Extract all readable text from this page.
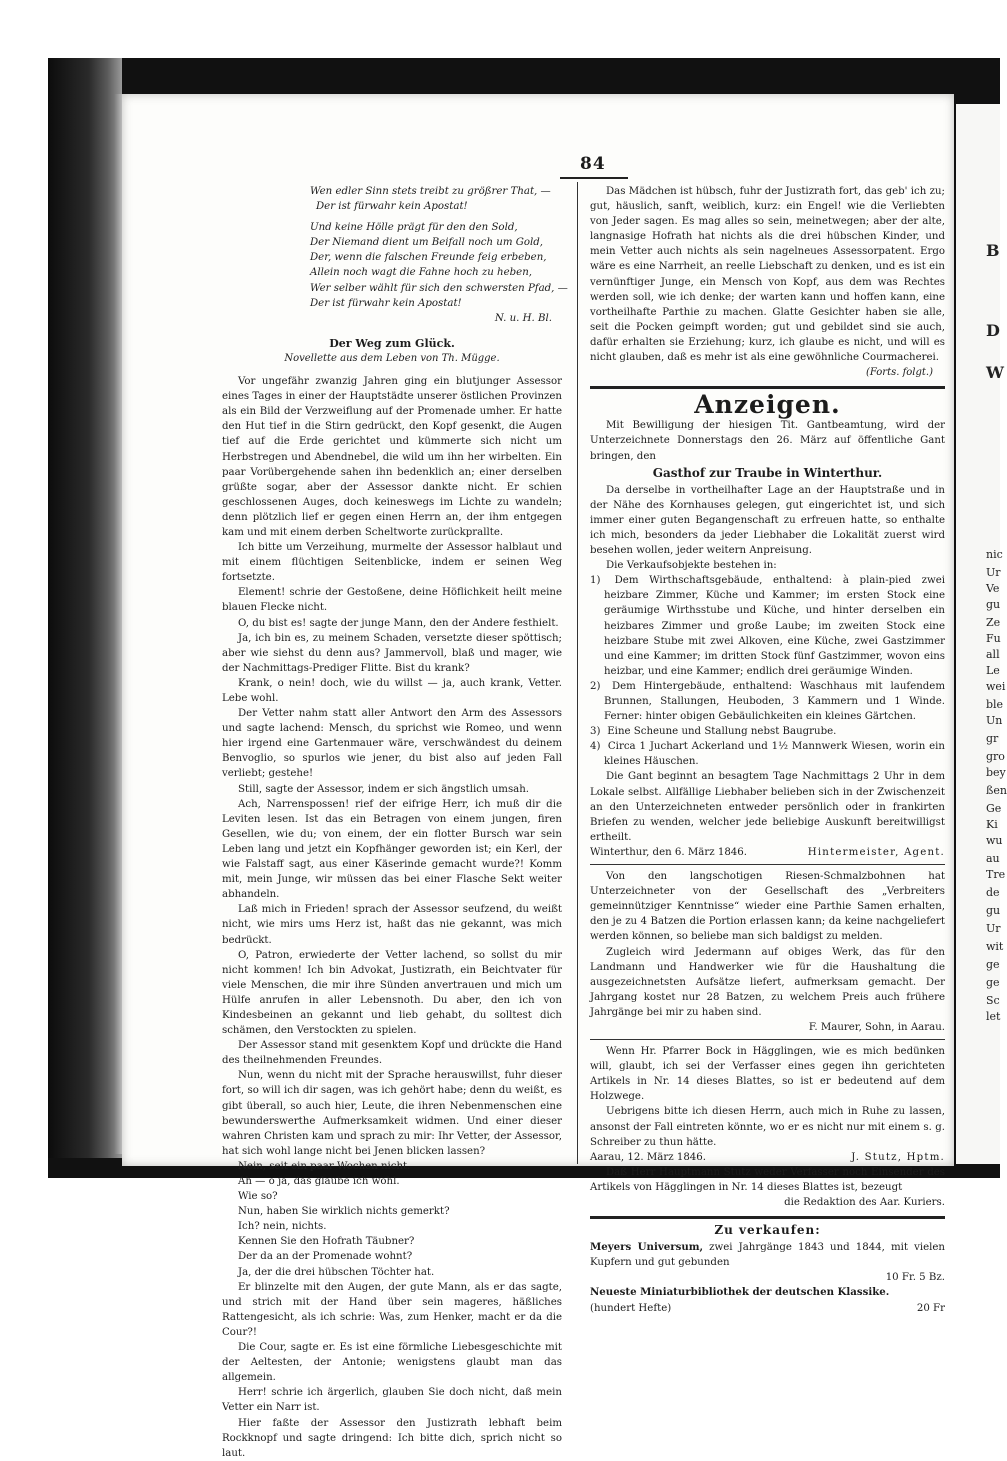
B
D
W
nic
Ur
Ve
gu
Ze
Fu
all
Le
wei
ble
Un
gr
gro
bey
ßen
Ge
Ki
wu
au
Tre
de
gu
Ur
wit
ge
ge
Sc
let
84
Wen edler Sinn stets treibt zu größrer That, —
Der ist fürwahr kein Apostat!
Und keine Hölle prägt für den den Sold,
Der Niemand dient um Beifall noch um Gold,
Der, wenn die falschen Freunde feig erbeben,
Allein noch wagt die Fahne hoch zu heben,
Wer selber wählt für sich den schwersten Pfad, —
Der ist fürwahr kein Apostat!
N. u. H. Bl.
Der Weg zum Glück.
Novellette aus dem Leben von Th. Mügge.

Vor ungefähr zwanzig Jahren ging ein blutjunger Assessor eines Tages in einer der Hauptstädte unserer östlichen Provinzen als ein Bild der Verzweiflung auf der Promenade umher. Er hatte den Hut tief in die Stirn gedrückt, den Kopf gesenkt, die Augen tief auf die Erde gerichtet und kümmerte sich nicht um Herbstregen und Abendnebel, die wild um ihn her wirbelten. Ein paar Vorübergehende sahen ihn bedenklich an; einer derselben grüßte sogar, aber der Assessor dankte nicht. Er schien geschlossenen Auges, doch keineswegs im Lichte zu wandeln; denn plötzlich lief er gegen einen Herrn an, der ihm entgegen kam und mit einem derben Scheltworte zurückprallte.

Ich bitte um Verzeihung, murmelte der Assessor halblaut und mit einem flüchtigen Seitenblicke, indem er seinen Weg fortsetzte.

Element! schrie der Gestoßene, deine Höflichkeit heilt meine blauen Flecke nicht.

O, du bist es! sagte der junge Mann, den der Andere festhielt.

Ja, ich bin es, zu meinem Schaden, versetzte dieser spöttisch; aber wie siehst du denn aus? Jammervoll, blaß und mager, wie der Nachmittags-Prediger Flitte. Bist du krank?

Krank, o nein! doch, wie du willst — ja, auch krank, Vetter. Lebe wohl.

Der Vetter nahm statt aller Antwort den Arm des Assessors und sagte lachend: Mensch, du sprichst wie Romeo, und wenn hier irgend eine Gartenmauer wäre, verschwändest du deinem Benvoglio, so spurlos wie jener, du bist also auf jeden Fall verliebt; gestehe!

Still, sagte der Assessor, indem er sich ängstlich umsah.

Ach, Narrenspossen! rief der eifrige Herr, ich muß dir die Leviten lesen. Ist das ein Betragen von einem jungen, firen Gesellen, wie du; von einem, der ein flotter Bursch war sein Leben lang und jetzt ein Kopfhänger geworden ist; ein Kerl, der wie Falstaff sagt, aus einer Käserinde gemacht wurde?! Komm mit, mein Junge, wir müssen das bei einer Flasche Sekt weiter abhandeln.

Laß mich in Frieden! sprach der Assessor seufzend, du weißt nicht, wie mirs ums Herz ist, haßt das nie gekannt, was mich bedrückt.

O, Patron, erwiederte der Vetter lachend, so sollst du mir nicht kommen! Ich bin Advokat, Justizrath, ein Beichtvater für viele Menschen, die mir ihre Sünden anvertrauen und mich um Hülfe anrufen in aller Lebensnoth. Du aber, den ich von Kindesbeinen an gekannt und lieb gehabt, du solltest dich schämen, den Verstockten zu spielen.

Der Assessor stand mit gesenktem Kopf und drückte die Hand des theilnehmenden Freundes.

Nun, wenn du nicht mit der Sprache herauswillst, fuhr dieser fort, so will ich dir sagen, was ich gehört habe; denn du weißt, es gibt überall, so auch hier, Leute, die ihren Nebenmenschen eine bewunderswerthe Aufmerksamkeit widmen. Und einer dieser wahren Christen kam und sprach zu mir: Ihr Vetter, der Assessor, hat sich wohl lange nicht bei Jenen blicken lassen?

Nein, seit ein paar Wochen nicht.

Ah — o ja, das glaube ich wohl.

Wie so?

Nun, haben Sie wirklich nichts gemerkt?

Ich? nein, nichts.

Kennen Sie den Hofrath Täubner?

Der da an der Promenade wohnt?

Ja, der die drei hübschen Töchter hat.

Er blinzelte mit den Augen, der gute Mann, als er das sagte, und strich mit der Hand über sein mageres, häßliches Rattengesicht, als ich schrie: Was, zum Henker, macht er da die Cour?!

Die Cour, sagte er. Es ist eine förmliche Liebesgeschichte mit der Aeltesten, der Antonie; wenigstens glaubt man das allgemein.

Herr! schrie ich ärgerlich, glauben Sie doch nicht, daß mein Vetter ein Narr ist.

Hier faßte der Assessor den Justizrath lebhaft beim Rockknopf und sagte dringend: Ich bitte dich, sprich nicht so laut.

Das Mädchen ist hübsch, fuhr der Justizrath fort, das geb' ich zu; gut, häuslich, sanft, weiblich, kurz: ein Engel! wie die Verliebten von Jeder sagen. Es mag alles so sein, meinetwegen; aber der alte, langnasige Hofrath hat nichts als die drei hübschen Kinder, und mein Vetter auch nichts als sein nagelneues Assessorpatent. Ergo wäre es eine Narrheit, an reelle Liebschaft zu denken, und es ist ein vernünftiger Junge, ein Mensch von Kopf, aus dem was Rechtes werden soll, wie ich denke; der warten kann und hoffen kann, eine vortheilhafte Parthie zu machen. Glatte Gesichter haben sie alle, seit die Pocken geimpft worden; gut und gebildet sind sie auch, dafür erhalten sie Erziehung; kurz, ich glaube es nicht, und will es nicht glauben, daß es mehr ist als eine gewöhnliche Courmacherei.

(Forts. folgt.)
Anzeigen.

Mit Bewilligung der hiesigen Tit. Gantbeamtung, wird der Unterzeichnete Donnerstags den 26. März auf öffentliche Gant bringen, den

Gasthof zur Traube in Winterthur.

Da derselbe in vortheilhafter Lage an der Hauptstraße und in der Nähe des Kornhauses gelegen, gut eingerichtet ist, und sich immer einer guten Begangenschaft zu erfreuen hatte, so enthalte ich mich, besonders da jeder Liebhaber die Lokalität zuerst wird besehen wollen, jeder weitern Anpreisung.

Die Verkaufsobjekte bestehen in:

1) Dem Wirthschaftsgebäude, enthaltend: à plain-pied zwei heizbare Zimmer, Küche und Kammer; im ersten Stock eine geräumige Wirthsstube und Küche, und hinter derselben ein heizbares Zimmer und große Laube; im zweiten Stock eine heizbare Stube mit zwei Alkoven, eine Küche, zwei Gastzimmer und eine Kammer; im dritten Stock fünf Gastzimmer, wovon eins heizbar, und eine Kammer; endlich drei geräumige Winden.

2) Dem Hintergebäude, enthaltend: Waschhaus mit laufendem Brunnen, Stallungen, Heuboden, 3 Kammern und 1 Winde. Ferner: hinter obigen Gebäulichkeiten ein kleines Gärtchen.

3) Eine Scheune und Stallung nebst Baugrube.

4) Circa 1 Juchart Ackerland und 1½ Mannwerk Wiesen, worin ein kleines Häuschen.

Die Gant beginnt an besagtem Tage Nachmittags 2 Uhr in dem Lokale selbst. Allfällige Liebhaber belieben sich in der Zwischenzeit an den Unterzeichneten entweder persönlich oder in frankirten Briefen zu wenden, welcher jede beliebige Auskunft bereitwilligst ertheilt.

Winterthur, den 6. März 1846.	Hintermeister, Agent.

Von den langschotigen Riesen-Schmalzbohnen hat Unterzeichneter von der Gesellschaft des „Verbreiters gemeinnütziger Kenntnisse“ wieder eine Parthie Samen erhalten, den je zu 4 Batzen die Portion erlassen kann; da keine nachgeliefert werden können, so beliebe man sich baldigst zu melden.

Zugleich wird Jedermann auf obiges Werk, das für den Landmann und Handwerker wie für die Haushaltung die ausgezeichnetsten Aufsätze liefert, aufmerksam gemacht. Der Jahrgang kostet nur 28 Batzen, zu welchem Preis auch frühere Jahrgänge bei mir zu haben sind.

F. Maurer, Sohn, in Aarau.

Wenn Hr. Pfarrer Bock in Hägglingen, wie es mich bedünken will, glaubt, ich sei der Verfasser eines gegen ihn gerichteten Artikels in Nr. 14 dieses Blattes, so ist er bedeutend auf dem Holzwege.

Uebrigens bitte ich diesen Herrn, auch mich in Ruhe zu lassen, ansonst der Fall eintreten könnte, wo er es nicht nur mit einem s. g. Schreiber zu thun hätte.

Aarau, 12. März 1846.	J. Stutz, Hptm.

Daß Herr Hauptmann Stutz weder Verfasser noch Einsender des Artikels von Hägglingen in Nr. 14 dieses Blattes ist, bezeugt

die Redaktion des Aar. Kuriers.
Zu verkaufen:

Meyers Universum, zwei Jahrgänge 1843 und 1844, mit vielen Kupfern und gut gebunden

10 Fr. 5 Bz.

Neueste Miniaturbibliothek der deutschen Klassike.

(hundert Hefte)	20 Fr
